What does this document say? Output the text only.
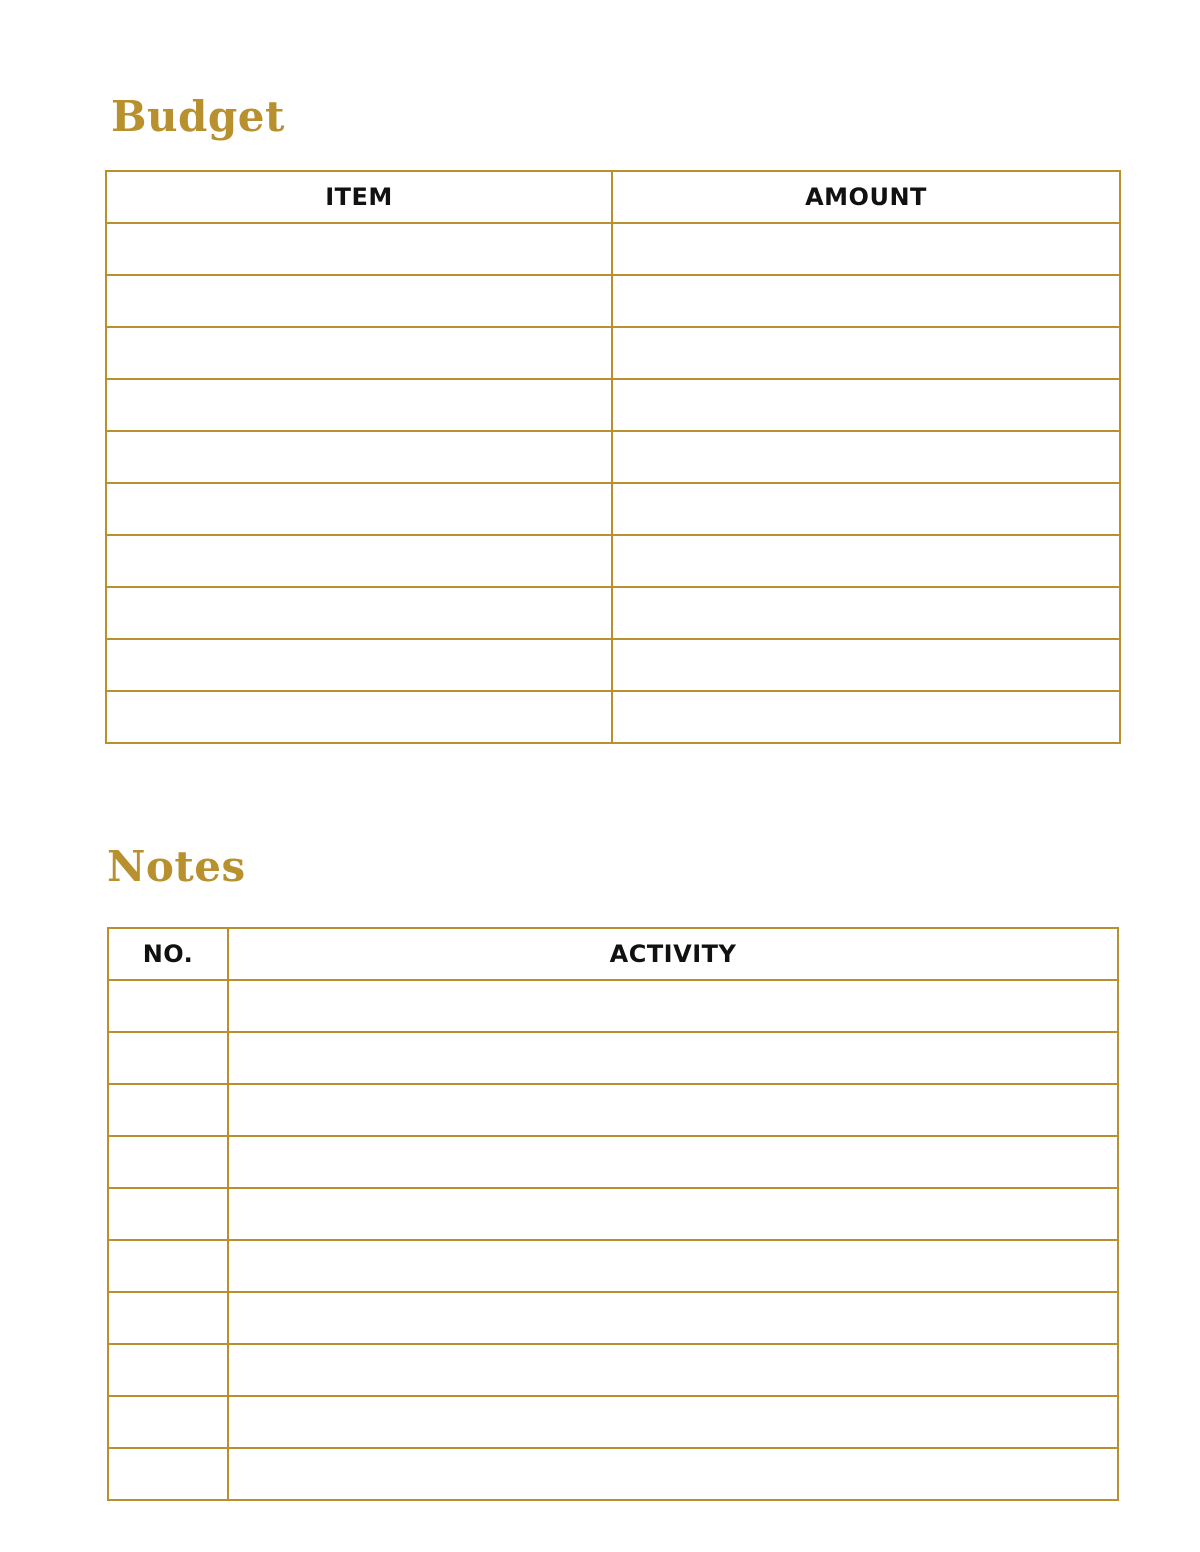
Budget
ITEM	AMOUNT

Notes
NO.	ACTIVITY
